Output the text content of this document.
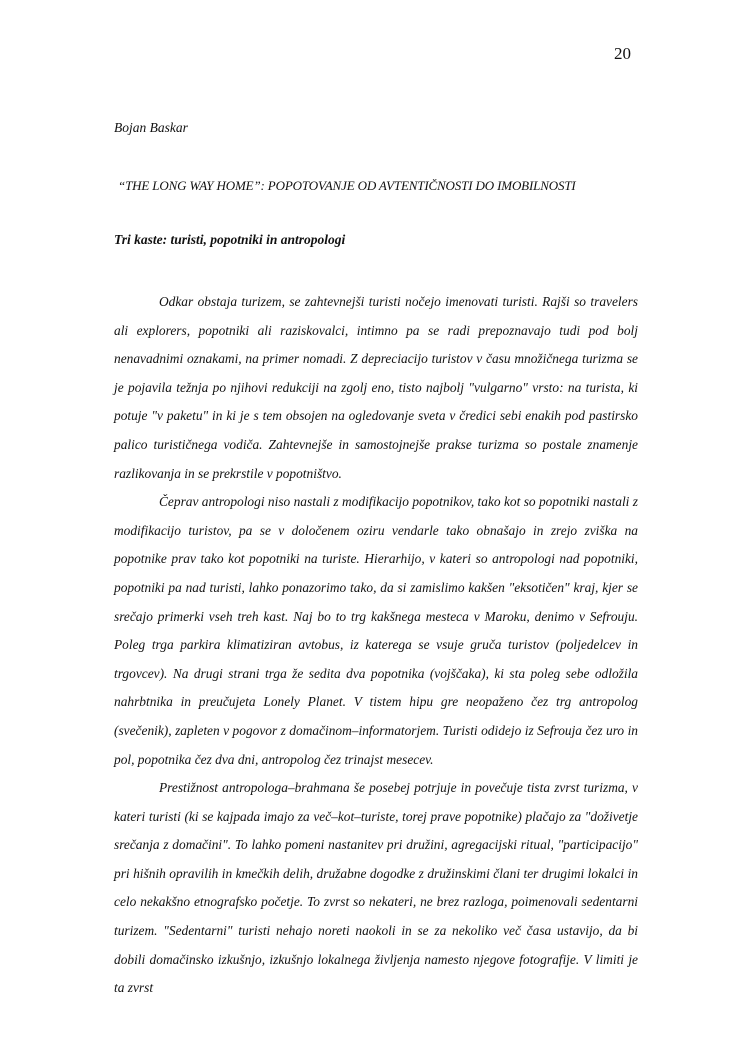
20
Bojan Baskar
“THE LONG WAY HOME”: POPOTOVANJE OD AVTENTIČNOSTI DO IMOBILNOSTI
Tri kaste: turisti, popotniki in antropologi

Odkar obstaja turizem, se zahtevnejši turisti nočejo imenovati turisti. Rajši so travelers ali explorers, popotniki ali raziskovalci, intimno pa se radi prepoznavajo tudi pod bolj nenavadnimi oznakami, na primer nomadi. Z depreciacijo turistov v času množičnega turizma se je pojavila težnja po njihovi redukciji na zgolj eno, tisto najbolj "vulgarno" vrsto: na turista, ki potuje "v paketu" in ki je s tem obsojen na ogledovanje sveta v čredici sebi enakih pod pastirsko palico turističnega vodiča. Zahtevnejše in samostojnejše prakse turizma so postale znamenje razlikovanja in se prekrstile v popotništvo.

Čeprav antropologi niso nastali z modifikacijo popotnikov, tako kot so popotniki nastali z modifikacijo turistov, pa se v določenem oziru vendarle tako obnašajo in zrejo zviška na popotnike prav tako kot popotniki na turiste. Hierarhijo, v kateri so antropologi nad popotniki, popotniki pa nad turisti, lahko ponazorimo tako, da si zamislimo kakšen "eksotičen" kraj, kjer se srečajo primerki vseh treh kast. Naj bo to trg kakšnega mesteca v Maroku, denimo v Sefrouju. Poleg trga parkira klimatiziran avtobus, iz katerega se vsuje gruča turistov (poljedelcev in trgovcev). Na drugi strani trga že sedita dva popotnika (vojščaka), ki sta poleg sebe odložila nahrbtnika in preučujeta Lonely Planet. V tistem hipu gre neopaženo čez trg antropolog (svečenik), zapleten v pogovor z domačinom–informatorjem. Turisti odidejo iz Sefrouja čez uro in pol, popotnika čez dva dni, antropolog čez trinajst mesecev.

Prestižnost antropologa–brahmana še posebej potrjuje in povečuje tista zvrst turizma, v kateri turisti (ki se kajpada imajo za več–kot–turiste, torej prave popotnike) plačajo za "doživetje srečanja z domačini". To lahko pomeni nastanitev pri družini, agregacijski ritual, "participacijo" pri hišnih opravilih in kmečkih delih, družabne dogodke z družinskimi člani ter drugimi lokalci in celo nekakšno etnografsko početje. To zvrst so nekateri, ne brez razloga, poimenovali sedentarni turizem. "Sedentarni" turisti nehajo noreti naokoli in se za nekoliko več časa ustavijo, da bi dobili domačinsko izkušnjo, izkušnjo lokalnega življenja namesto njegove fotografije. V limiti je ta zvrst
